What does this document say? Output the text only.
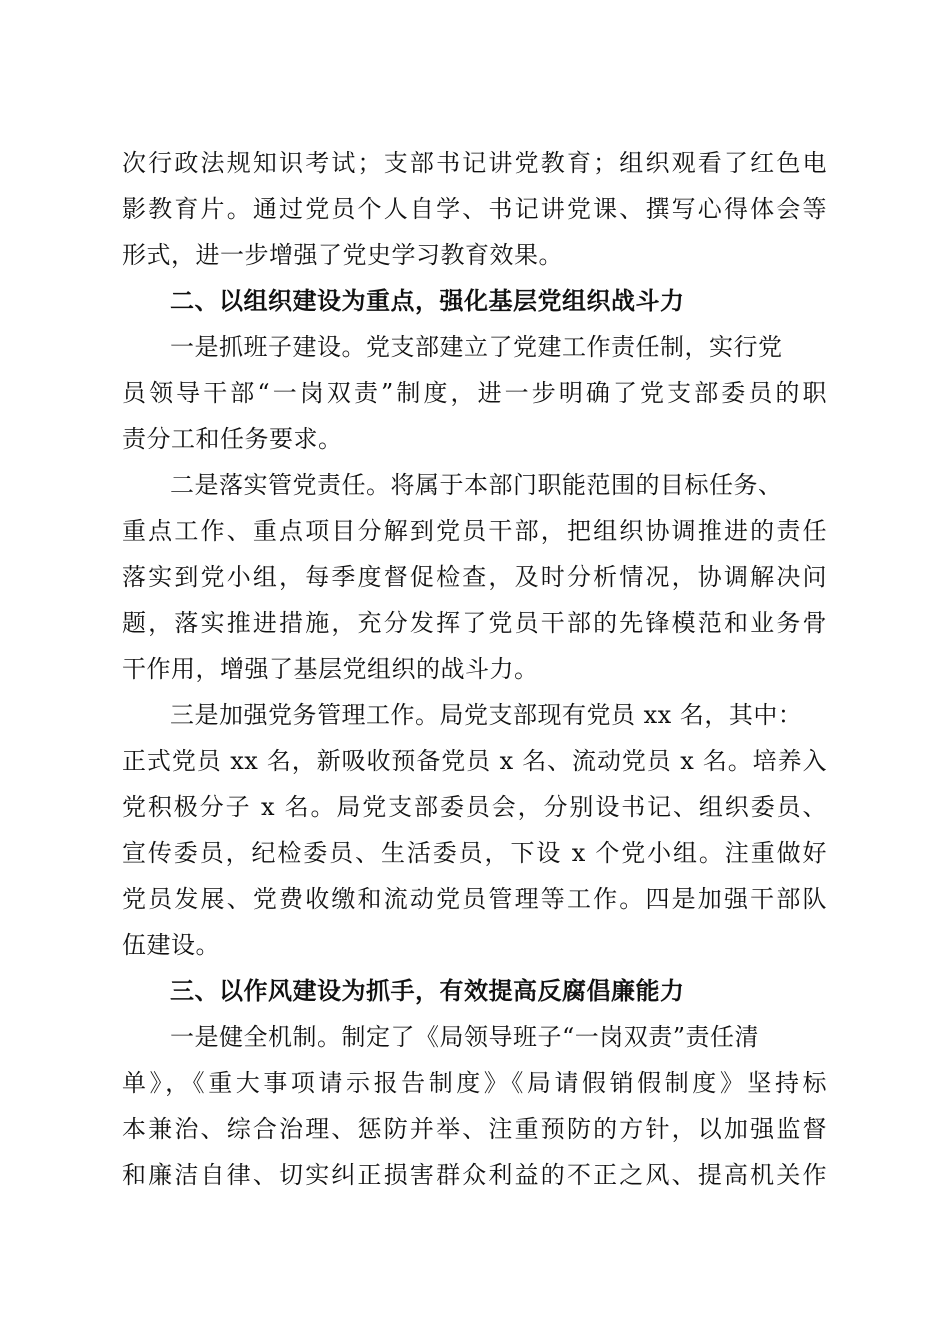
次行政法规知识考试；支部书记讲党教育；组织观看了红色电
影教育片。通过党员个人自学、书记讲党课、撰写心得体会等
形式，进一步增强了党史学习教育效果。
二、以组织建设为重点，强化基层党组织战斗力
一是抓班子建设。党支部建立了党建工作责任制，实行党
员领导干部“一岗双责”制度，进一步明确了党支部委员的职
责分工和任务要求。
二是落实管党责任。将属于本部门职能范围的目标任务、
重点工作、重点项目分解到党员干部，把组织协调推进的责任
落实到党小组，每季度督促检查，及时分析情况，协调解决问
题，落实推进措施，充分发挥了党员干部的先锋模范和业务骨
干作用，增强了基层党组织的战斗力。
三是加强党务管理工作。局党支部现有党员 xx 名，其中：
正式党员 xx 名，新吸收预备党员 x 名、流动党员 x 名。培养入
党积极分子 x 名。局党支部委员会，分别设书记、组织委员、
宣传委员，纪检委员、生活委员，下设 x 个党小组。注重做好
党员发展、党费收缴和流动党员管理等工作。四是加强干部队
伍建设。
三、以作风建设为抓手，有效提高反腐倡廉能力
一是健全机制。制定了《局领导班子“一岗双责”责任清
单》，《重大事项请示报告制度》《局请假销假制度》坚持标
本兼治、综合治理、惩防并举、注重预防的方针，以加强监督
和廉洁自律、切实纠正损害群众利益的不正之风、提高机关作
